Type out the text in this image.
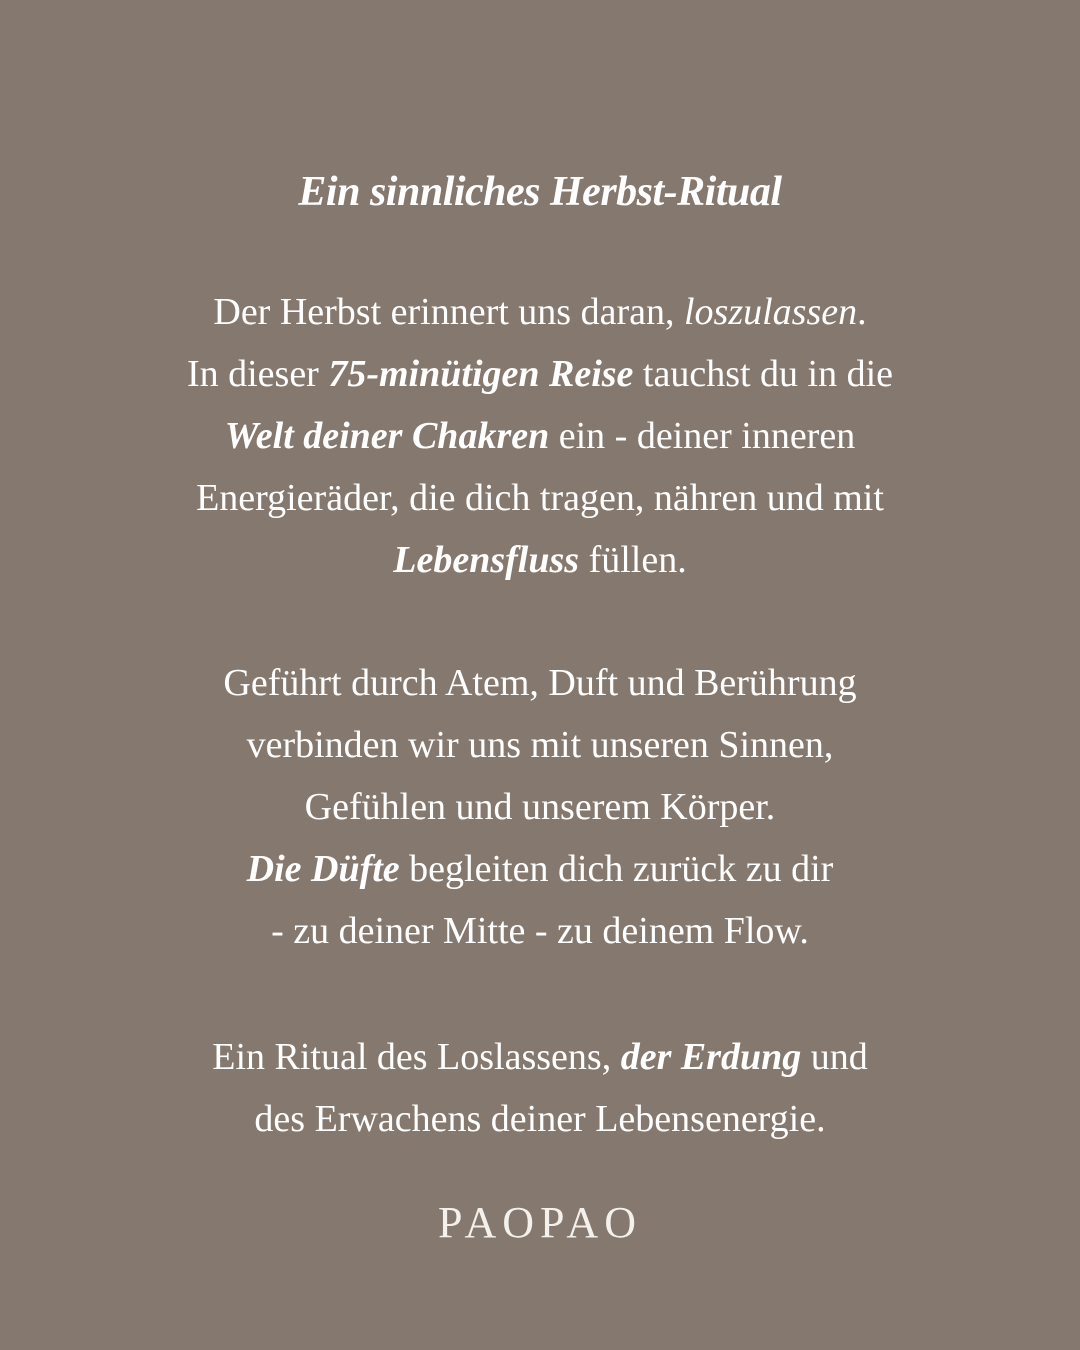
Ein sinnliches Herbst-Ritual

Der Herbst erinnert uns daran, loszulassen.
In dieser 75-minütigen Reise tauchst du in die
Welt deiner Chakren ein - deiner inneren
Energieräder, die dich tragen, nähren und mit
Lebensfluss füllen.

Geführt durch Atem, Duft und Berührung
verbinden wir uns mit unseren Sinnen,
Gefühlen und unserem Körper.
Die Düfte begleiten dich zurück zu dir
- zu deiner Mitte - zu deinem Flow.

Ein Ritual des Loslassens, der Erdung und
des Erwachens deiner Lebensenergie.

PAOPAO
